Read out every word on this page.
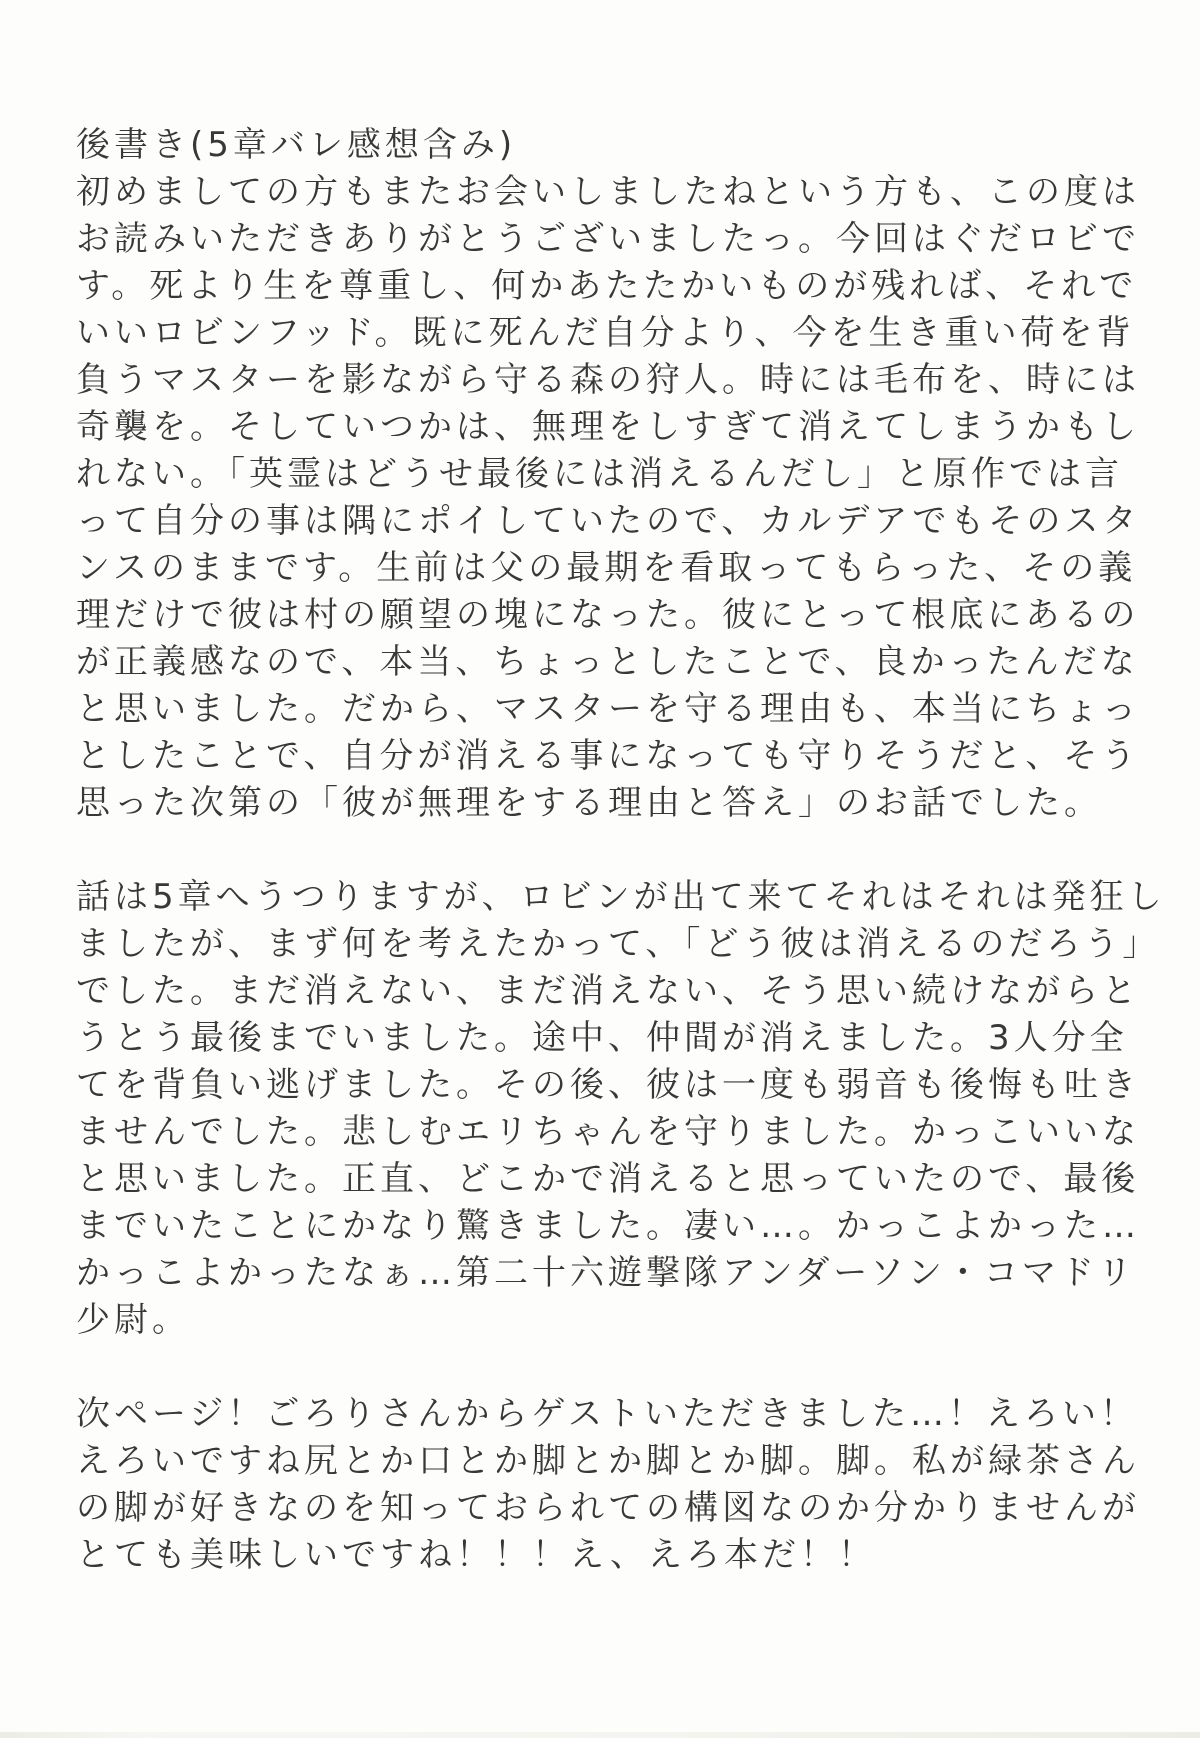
後書き(5章バレ感想含み)
初めましての方もまたお会いしましたねという方も、この度は
お読みいただきありがとうございましたっ。今回はぐだロビで
す。死より生を尊重し、何かあたたかいものが残れば、それで
いいロビンフッド。既に死んだ自分より、今を生き重い荷を背
負うマスターを影ながら守る森の狩人。時には毛布を、時には
奇襲を。そしていつかは、無理をしすぎて消えてしまうかもし
れない。「英霊はどうせ最後には消えるんだし」と原作では言
って自分の事は隅にポイしていたので、カルデアでもそのスタ
ンスのままです。生前は父の最期を看取ってもらった、その義
理だけで彼は村の願望の塊になった。彼にとって根底にあるの
が正義感なので、本当、ちょっとしたことで、良かったんだな
と思いました。だから、マスターを守る理由も、本当にちょっ
としたことで、自分が消える事になっても守りそうだと、そう
思った次第の「彼が無理をする理由と答え」のお話でした。
話は5章へうつりますが、ロビンが出て来てそれはそれは発狂し
ましたが、まず何を考えたかって、「どう彼は消えるのだろう」
でした。まだ消えない、まだ消えない、そう思い続けながらと
うとう最後までいました。途中、仲間が消えました。3人分全
てを背負い逃げました。その後、彼は一度も弱音も後悔も吐き
ませんでした。悲しむエリちゃんを守りました。かっこいいな
と思いました。正直、どこかで消えると思っていたので、最後
までいたことにかなり驚きました。凄い…。かっこよかった…
かっこよかったなぁ…第二十六遊撃隊アンダーソン・コマドリ
少尉。
次ページ！ごろりさんからゲストいただきました…！えろい！
えろいですね尻とか口とか脚とか脚とか脚。脚。私が緑茶さん
の脚が好きなのを知っておられての構図なのか分かりませんが
とても美味しいですね！！！え、えろ本だ！！
